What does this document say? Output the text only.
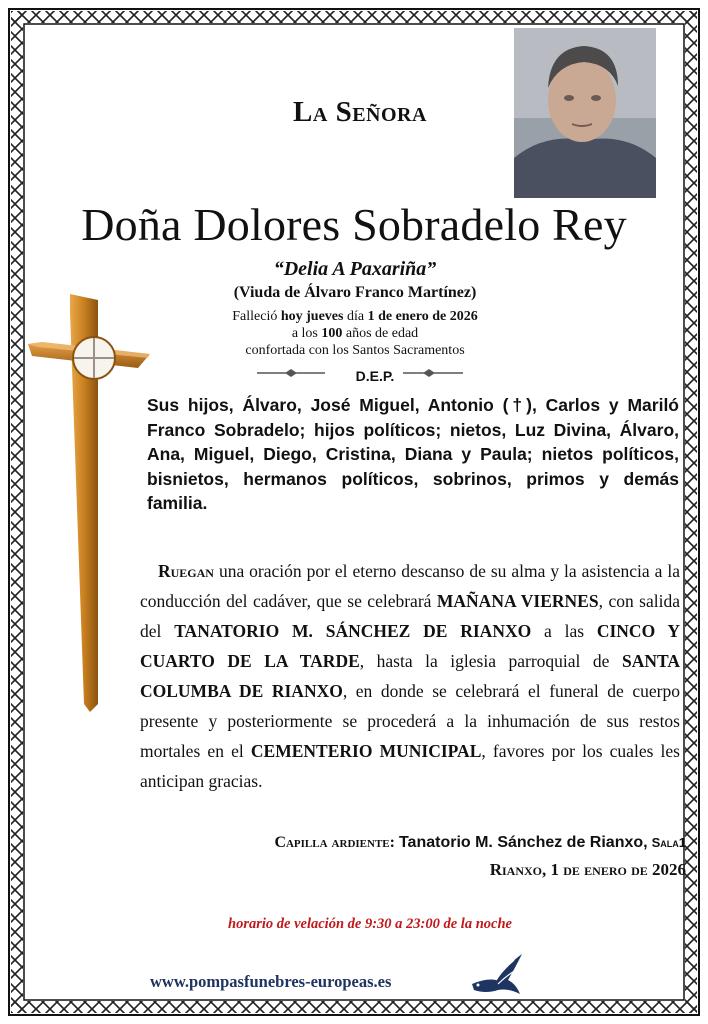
La Señora
Doña Dolores Sobradelo Rey
“Delia A Paxariña”
(Viuda de Álvaro Franco Martínez)
Falleció hoy jueves día 1 de enero de 2026
a los 100 años de edad
confortada con los Santos Sacramentos
D.E.P.
Sus hijos, Álvaro, José Miguel, Antonio (†), Carlos y Mariló Franco Sobradelo; hijos políticos; nietos, Luz Divina, Álvaro, Ana, Miguel, Diego, Cristina, Diana y Paula; nietos políticos, bisnietos, hermanos políticos, sobrinos, primos y demás familia.

Ruegan una oración por el eterno descanso de su alma y la asistencia a la conducción del cadáver, que se celebrará MAÑANA VIERNES, con salida del TANATORIO M. SÁNCHEZ DE RIANXO a las CINCO Y CUARTO DE LA TARDE, hasta la iglesia parroquial de SANTA COLUMBA DE RIANXO, en donde se celebrará el funeral de cuerpo presente y posteriormente se procederá a la inhumación de sus restos mortales en el CEMENTERIO MUNICIPAL, favores por los cuales les anticipan gracias.

Capilla ardiente: Tanatorio M. Sánchez de Rianxo, Sala1
Rianxo, 1 de enero de 2026
horario de velación de 9:30 a 23:00 de la noche
www.pompasfunebres-europeas.es
